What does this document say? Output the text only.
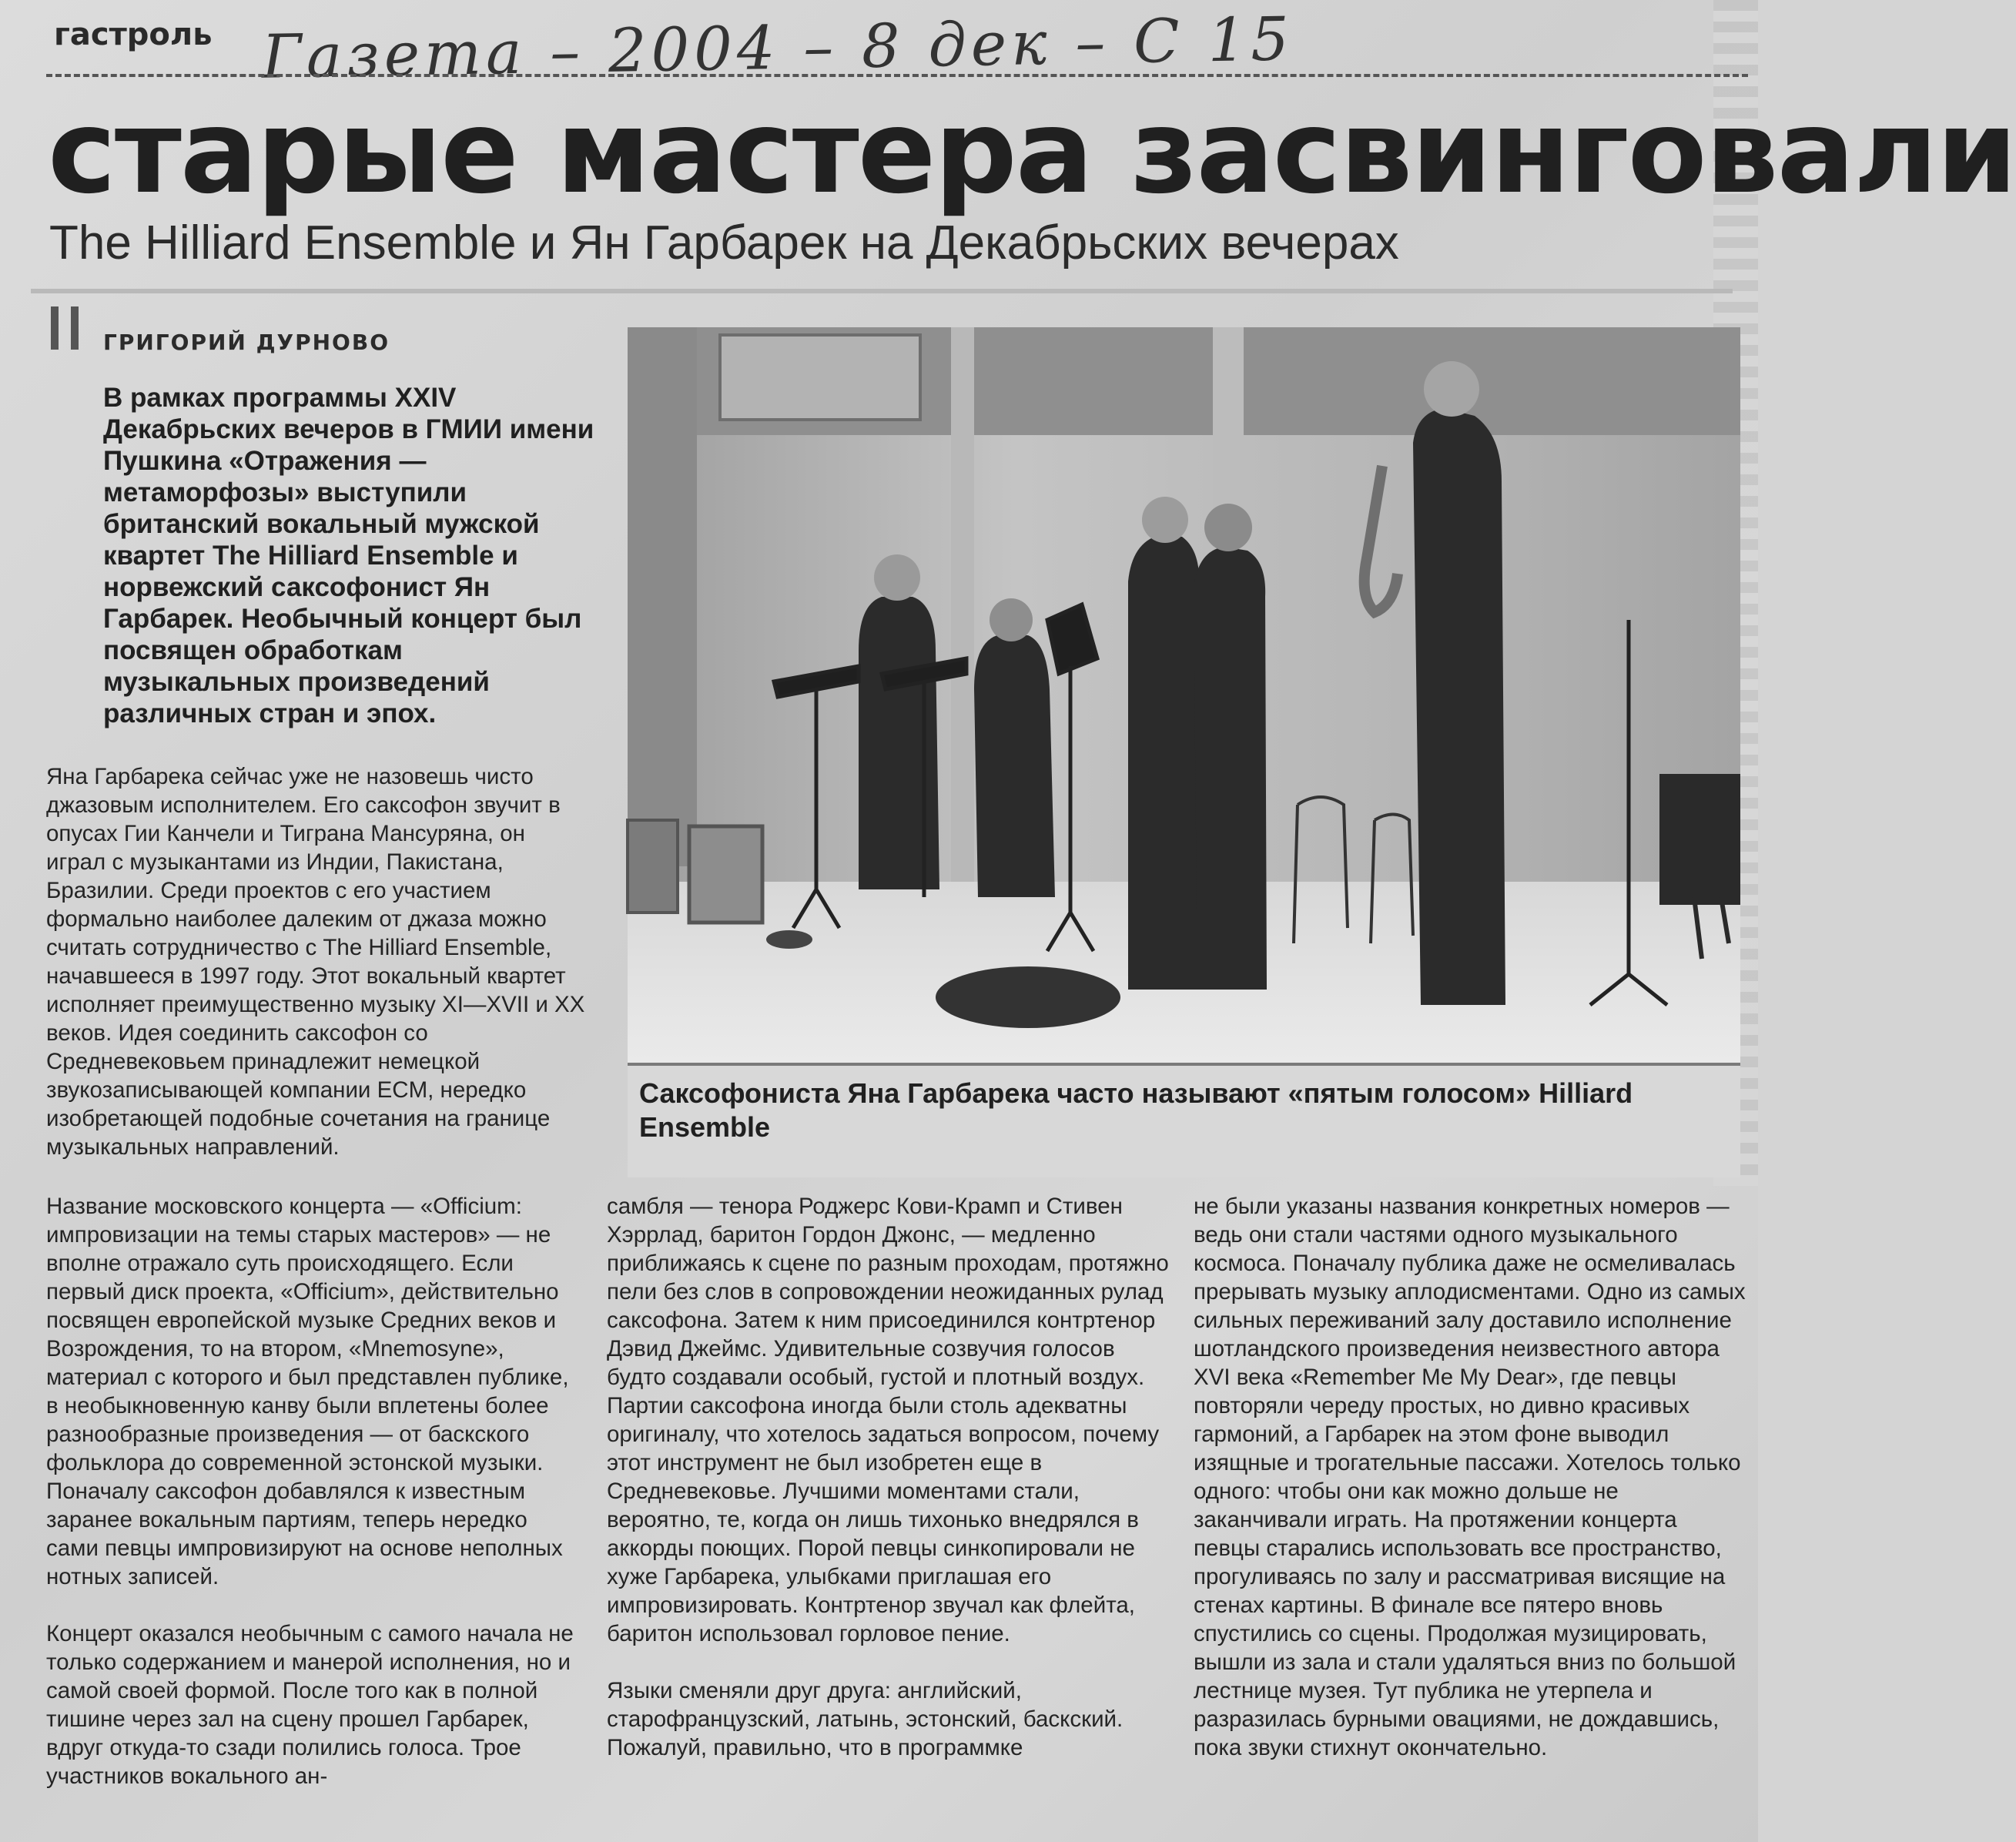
гастроль Газета – 2004 – 8 дек – С 15
старые мастера засвинговали
The Hilliard Ensemble и Ян Гарбарек на Декабрьских вечерах
ГРИГОРИЙ ДУРНОВО
В рамках программы XXIV Декабрьских вечеров в ГМИИ имени Пушкина «Отражения — метаморфозы» выступили британский вокальный мужской квартет The Hilliard Ensemble и норвежский саксофонист Ян Гарбарек. Необычный концерт был посвящен обработкам музыкальных произведений различных стран и эпох.
Саксофониста Яна Гарбарека часто называют «пятым голосом» Hilliard Ensemble

Яна Гарбарека сейчас уже не назовешь чисто джазовым исполнителем. Его саксофон звучит в опусах Гии Канчели и Тиграна Мансуряна, он играл с музыкантами из Индии, Пакистана, Бразилии. Среди проектов с его участием формально наиболее далеким от джаза можно считать сотрудничество с The Hilliard Ensemble, начавшееся в 1997 году. Этот вокальный квартет исполняет преимущественно музыку XI—XVII и XX веков. Идея соединить саксофон со Средневековьем принадлежит немецкой звукозаписывающей компании ECM, нередко изобретающей подобные сочетания на границе музыкальных направлений.

Название московского концерта — «Officium: импровизации на темы старых мастеров» — не вполне отражало суть происходящего. Если первый диск проекта, «Officium», действительно посвящен европейской музыке Средних веков и Возрождения, то на втором, «Mnemosyne», материал с которого и был представлен публике, в необыкновенную канву были вплетены более разнообразные произведения — от баскского фольклора до современной эстонской музыки. Поначалу саксофон добавлялся к известным заранее вокальным партиям, теперь нередко сами певцы импровизируют на основе неполных нотных записей.

Концерт оказался необычным с самого начала не только содержанием и манерой исполнения, но и самой своей формой. После того как в полной тишине через зал на сцену прошел Гарбарек, вдруг откуда-то сзади полились голоса. Трое участников вокального ан-

самбля — тенора Роджерс Кови-Крамп и Стивен Хэррлад, баритон Гордон Джонс, — медленно приближаясь к сцене по разным проходам, протяжно пели без слов в сопровождении неожиданных рулад саксофона. Затем к ним присоединился контртенор Дэвид Джеймс. Удивительные созвучия голосов будто создавали особый, густой и плотный воздух. Партии саксофона иногда были столь адекватны оригиналу, что хотелось задаться вопросом, почему этот инструмент не был изобретен еще в Средневековье. Лучшими моментами стали, вероятно, те, когда он лишь тихонько внедрялся в аккорды поющих. Порой певцы синкопировали не хуже Гарбарека, улыбками приглашая его импровизировать. Контртенор звучал как флейта, баритон использовал горловое пение.

Языки сменяли друг друга: английский, старофранцузский, латынь, эстонский, баскский. Пожалуй, правильно, что в программке

не были указаны названия конкретных номеров — ведь они стали частями одного музыкального космоса. Поначалу публика даже не осмеливалась прерывать музыку аплодисментами. Одно из самых сильных переживаний залу доставило исполнение шотландского произведения неизвестного автора XVI века «Remember Me My Dear», где певцы повторяли череду простых, но дивно красивых гармоний, а Гарбарек на этом фоне выводил изящные и трогательные пассажи. Хотелось только одного: чтобы они как можно дольше не заканчивали играть. На протяжении концерта певцы старались использовать все пространство, прогуливаясь по залу и рассматривая висящие на стенах картины. В финале все пятеро вновь спустились со сцены. Продолжая музицировать, вышли из зала и стали удаляться вниз по большой лестнице музея. Тут публика не утерпела и разразилась бурными овациями, не дождавшись, пока звуки стихнут окончательно.
